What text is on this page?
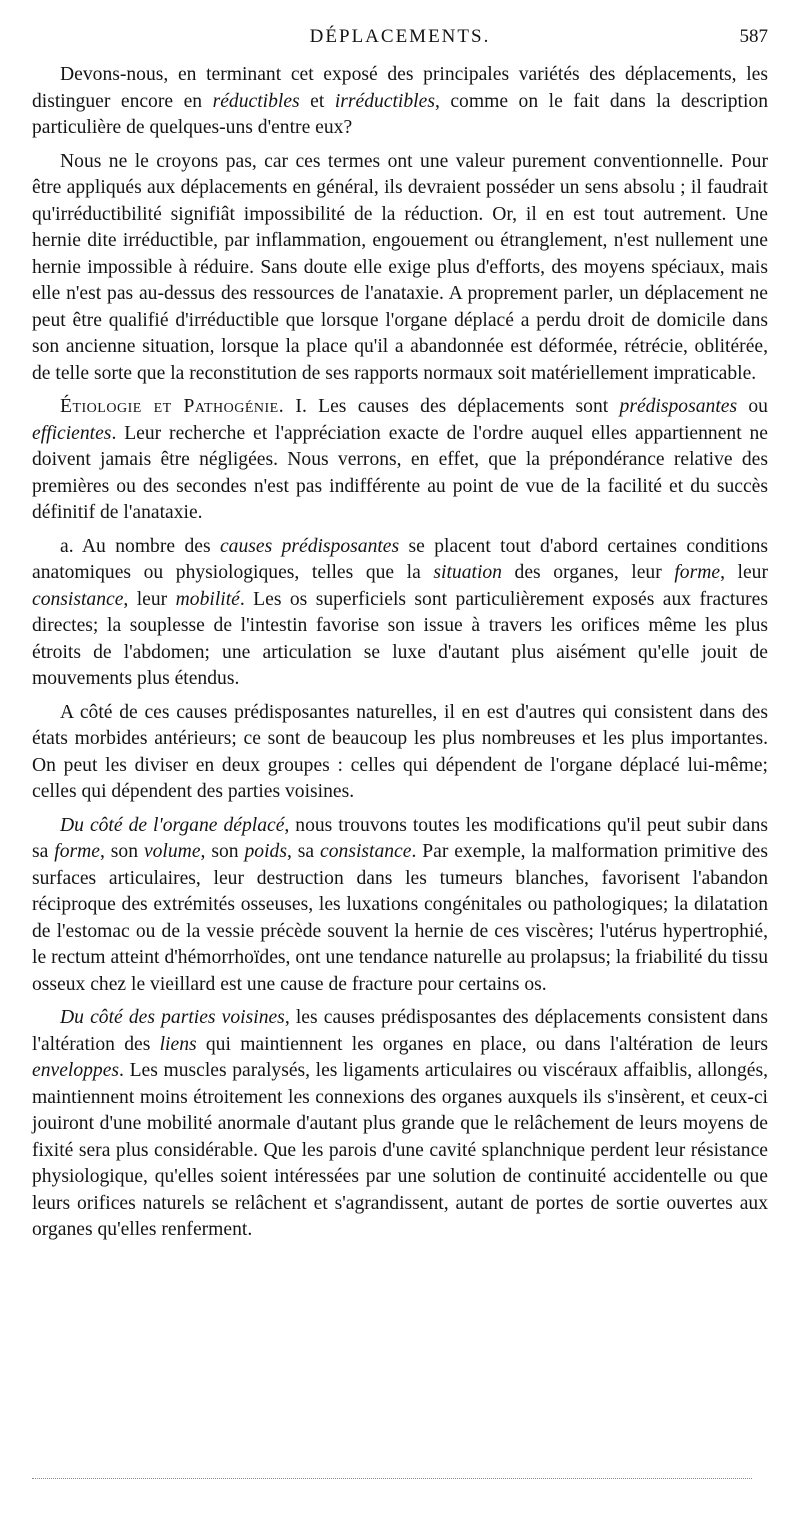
DÉPLACEMENTS.	587

Devons-nous, en terminant cet exposé des principales variétés des déplacements, les distinguer encore en réductibles et irréductibles, comme on le fait dans la description particulière de quelques-uns d'entre eux?

Nous ne le croyons pas, car ces termes ont une valeur purement conventionnelle. Pour être appliqués aux déplacements en général, ils devraient posséder un sens absolu ; il faudrait qu'irréductibilité signifiât impossibilité de la réduction. Or, il en est tout autrement. Une hernie dite irréductible, par inflammation, engouement ou étranglement, n'est nullement une hernie impossible à réduire. Sans doute elle exige plus d'efforts, des moyens spéciaux, mais elle n'est pas au-dessus des ressources de l'anataxie. A proprement parler, un déplacement ne peut être qualifié d'irréductible que lorsque l'organe déplacé a perdu droit de domicile dans son ancienne situation, lorsque la place qu'il a abandonnée est déformée, rétrécie, oblitérée, de telle sorte que la reconstitution de ses rapports normaux soit matériellement impraticable.

Étiologie et Pathogénie. I. Les causes des déplacements sont prédisposantes ou efficientes. Leur recherche et l'appréciation exacte de l'ordre auquel elles appartiennent ne doivent jamais être négligées. Nous verrons, en effet, que la prépondérance relative des premières ou des secondes n'est pas indifférente au point de vue de la facilité et du succès définitif de l'anataxie.

a. Au nombre des causes prédisposantes se placent tout d'abord certaines conditions anatomiques ou physiologiques, telles que la situation des organes, leur forme, leur consistance, leur mobilité. Les os superficiels sont particulièrement exposés aux fractures directes; la souplesse de l'intestin favorise son issue à travers les orifices même les plus étroits de l'abdomen; une articulation se luxe d'autant plus aisément qu'elle jouit de mouvements plus étendus.

A côté de ces causes prédisposantes naturelles, il en est d'autres qui consistent dans des états morbides antérieurs; ce sont de beaucoup les plus nombreuses et les plus importantes. On peut les diviser en deux groupes : celles qui dépendent de l'organe déplacé lui-même; celles qui dépendent des parties voisines.

Du côté de l'organe déplacé, nous trouvons toutes les modifications qu'il peut subir dans sa forme, son volume, son poids, sa consistance. Par exemple, la malformation primitive des surfaces articulaires, leur destruction dans les tumeurs blanches, favorisent l'abandon réciproque des extrémités osseuses, les luxations congénitales ou pathologiques; la dilatation de l'estomac ou de la vessie précède souvent la hernie de ces viscères; l'utérus hypertrophié, le rectum atteint d'hémorrhoïdes, ont une tendance naturelle au prolapsus; la friabilité du tissu osseux chez le vieillard est une cause de fracture pour certains os.

Du côté des parties voisines, les causes prédisposantes des déplacements consistent dans l'altération des liens qui maintiennent les organes en place, ou dans l'altération de leurs enveloppes. Les muscles paralysés, les ligaments articulaires ou viscéraux affaiblis, allongés, maintiennent moins étroitement les connexions des organes auxquels ils s'insèrent, et ceux-ci jouiront d'une mobilité anormale d'autant plus grande que le relâchement de leurs moyens de fixité sera plus considérable. Que les parois d'une cavité splanchnique perdent leur résistance physiologique, qu'elles soient intéressées par une solution de continuité accidentelle ou que leurs orifices naturels se relâchent et s'agrandissent, autant de portes de sortie ouvertes aux organes qu'elles renferment.
